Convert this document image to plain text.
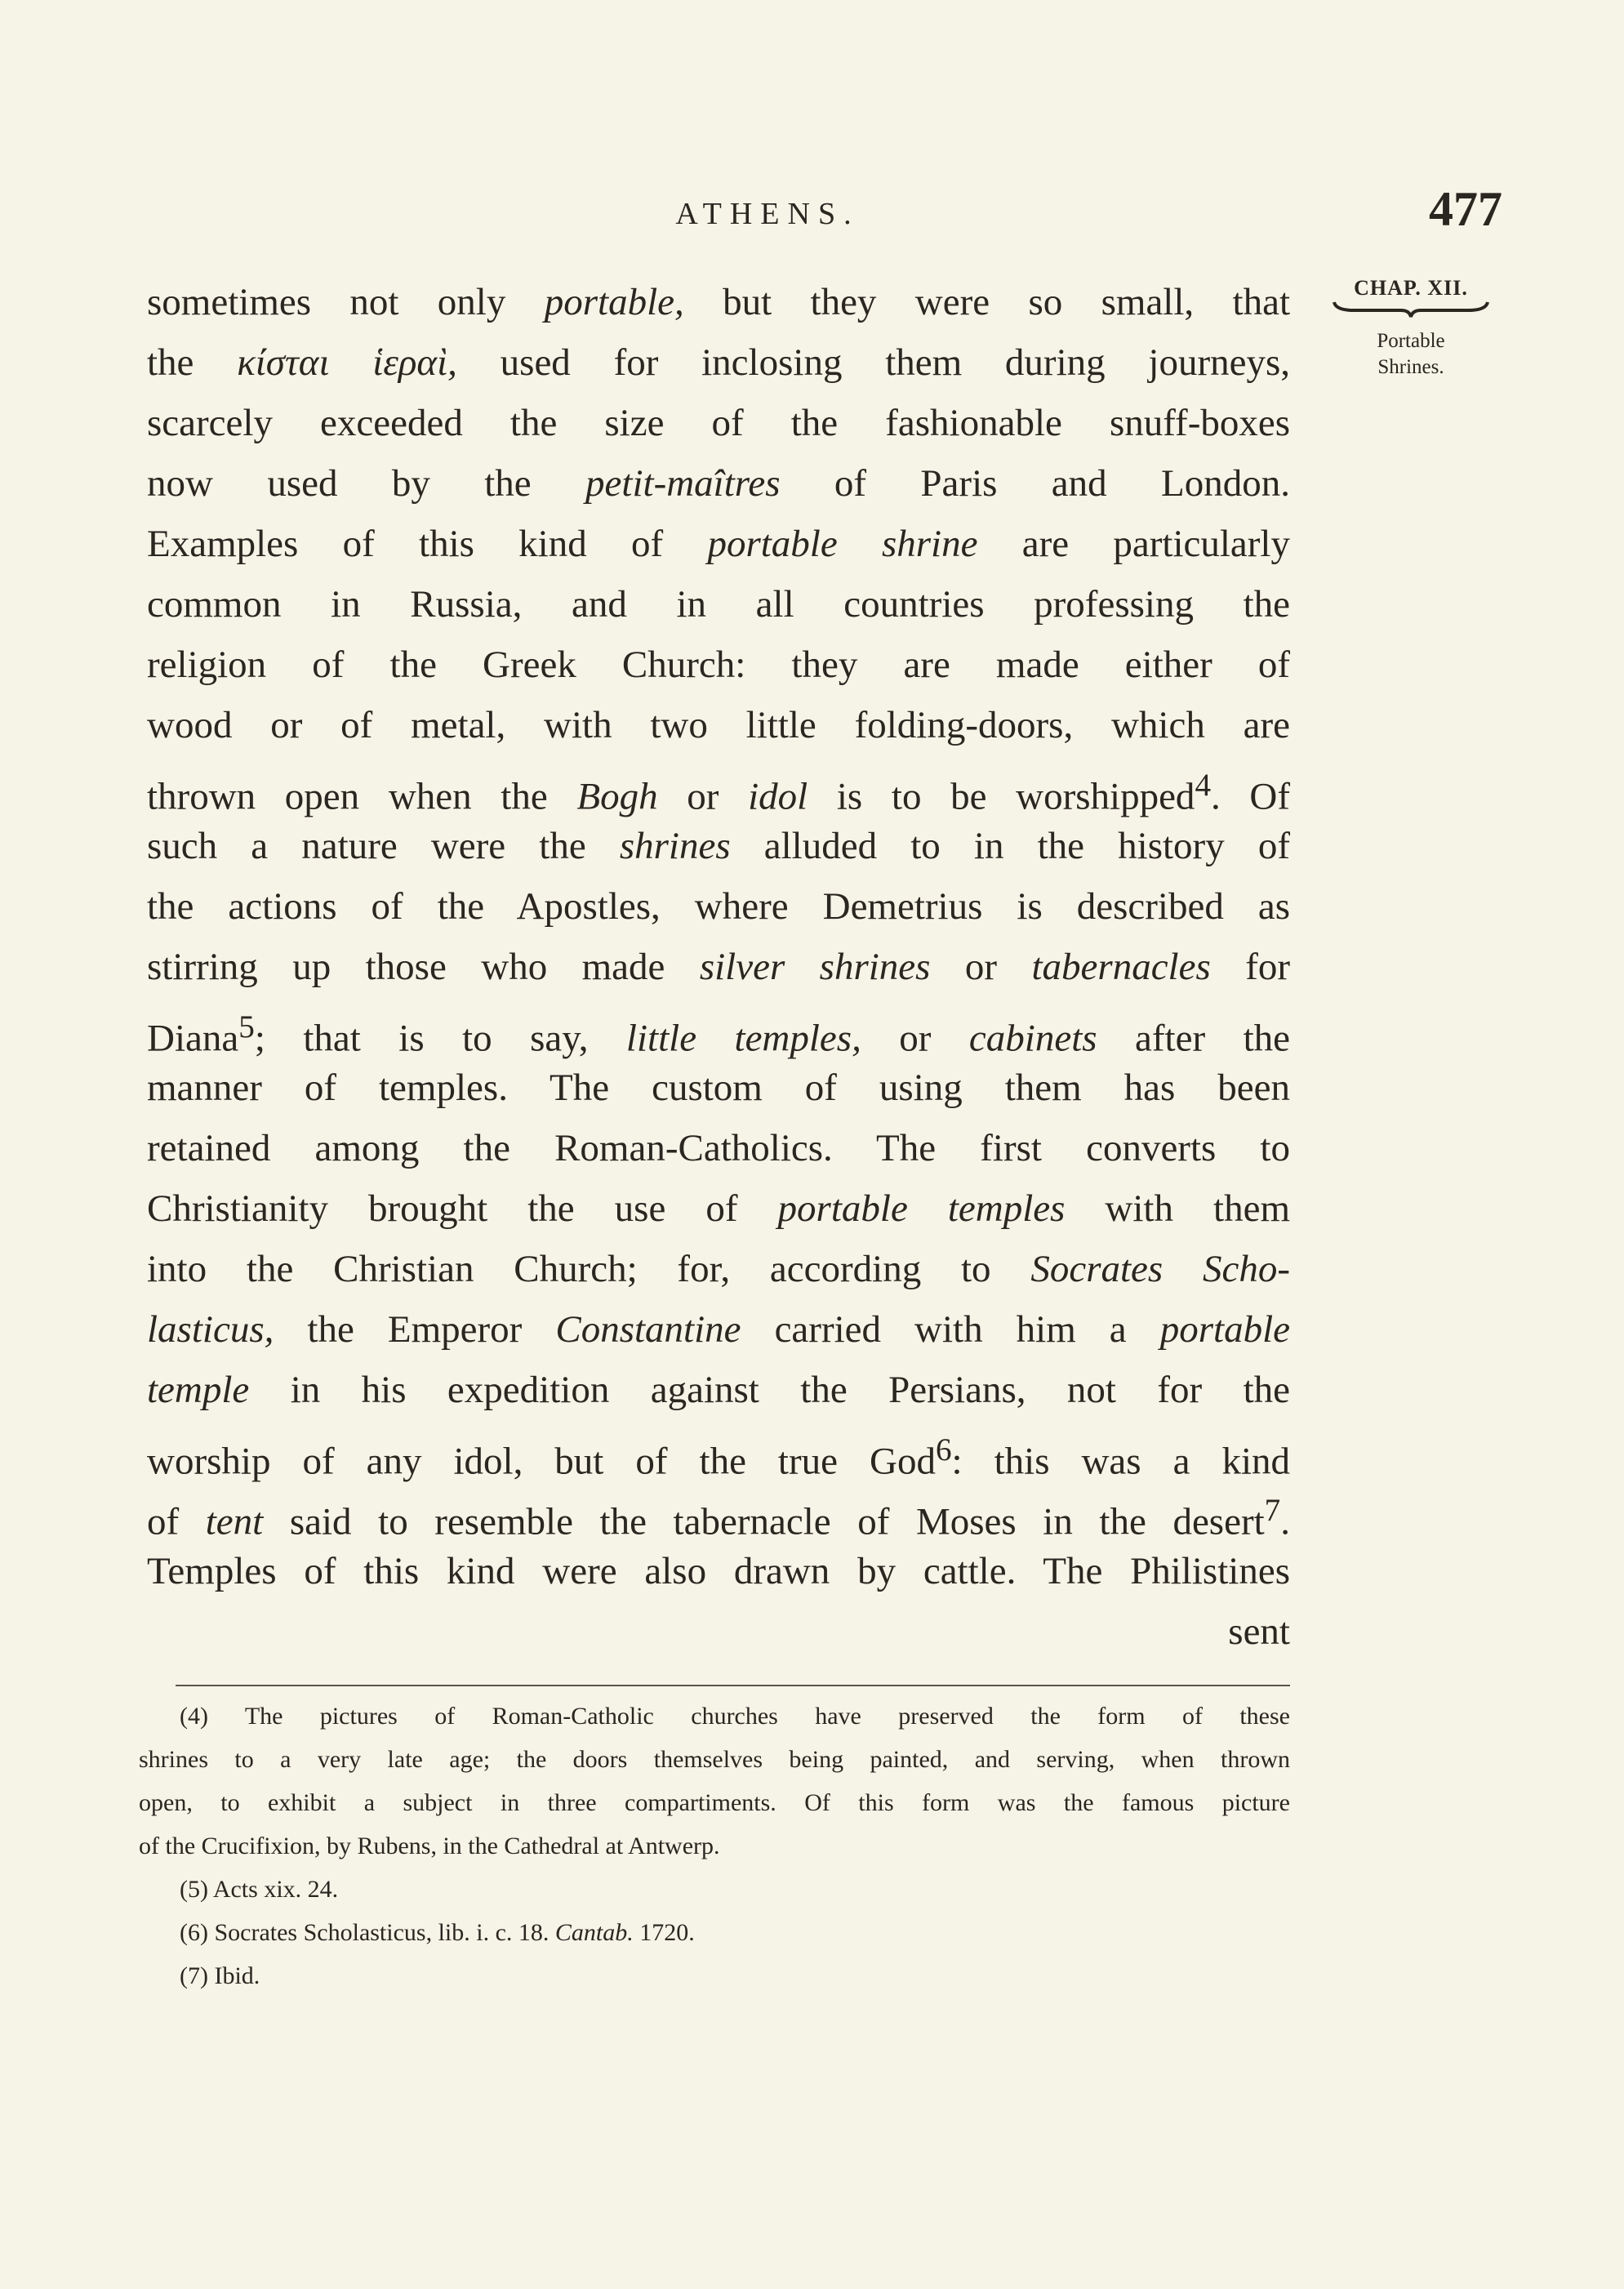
ATHENS.	477
CHAP. XII.
Portable
Shrines.
sometimes not only portable, but they were so small, that
the κίσται ἱεραὶ, used for inclosing them during journeys,
scarcely exceeded the size of the fashionable snuff-boxes
now used by the petit-maîtres of Paris and London.
Examples of this kind of portable shrine are particularly
common in Russia, and in all countries professing the
religion of the Greek Church: they are made either of
wood or of metal, with two little folding-doors, which are
thrown open when the Bogh or idol is to be worshipped$^4$. Of
such a nature were the shrines alluded to in the history of
the actions of the Apostles, where Demetrius is described as
stirring up those who made silver shrines or tabernacles for
Diana$^5$; that is to say, little temples, or cabinets after the
manner of temples. The custom of using them has been
retained among the Roman-Catholics. The first converts to
Christianity brought the use of portable temples with them
into the Christian Church; for, according to Socrates Scho-
lasticus, the Emperor Constantine carried with him a portable
temple in his expedition against the Persians, not for the
worship of any idol, but of the true God$^6$: this was a kind
of tent said to resemble the tabernacle of Moses in the desert$^7$.
Temples of this kind were also drawn by cattle. The Philistines
sent
(4) The pictures of Roman-Catholic churches have preserved the form of these
shrines to a very late age; the doors themselves being painted, and serving, when thrown
open, to exhibit a subject in three compartiments. Of this form was the famous picture
of the Crucifixion, by Rubens, in the Cathedral at Antwerp.
(5) Acts xix. 24.
(6) Socrates Scholasticus, lib. i. c. 18. Cantab. 1720.
(7) Ibid.
